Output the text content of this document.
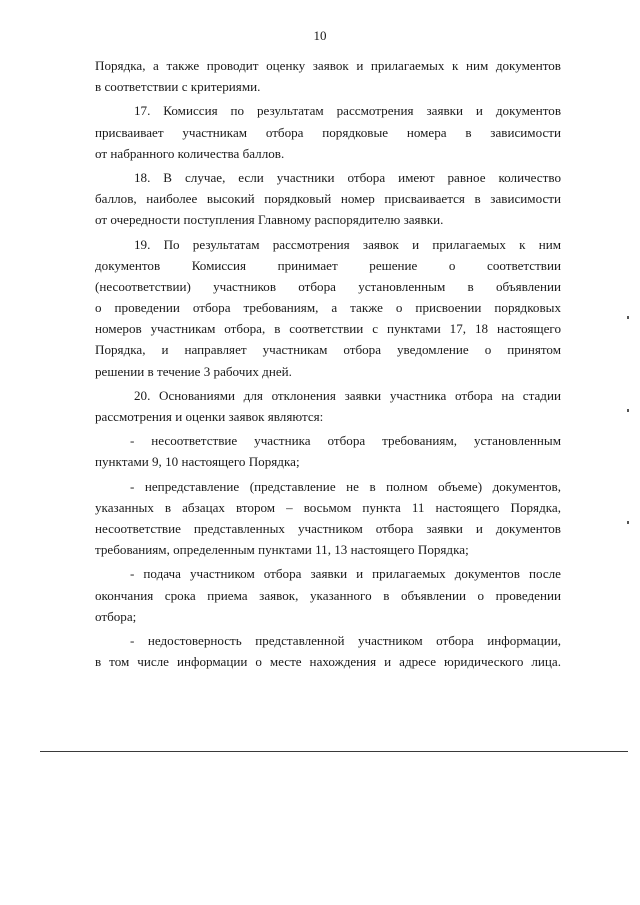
10
Порядка, а также проводит оценку заявок и прилагаемых к ним документов
в соответствии с критериями.
17. Комиссия по результатам рассмотрения заявки и документов
присваивает участникам отбора порядковые номера в зависимости
от набранного количества баллов.
18. В случае, если участники отбора имеют равное количество
баллов, наиболее высокий порядковый номер присваивается в зависимости
от очередности поступления Главному распорядителю заявки.
19. По результатам рассмотрения заявок и прилагаемых к ним
документов Комиссия принимает решение о соответствии
(несоответствии) участников отбора установленным в объявлении
о проведении отбора требованиям, а также о присвоении порядковых
номеров участникам отбора, в соответствии с пунктами 17, 18 настоящего
Порядка, и направляет участникам отбора уведомление о принятом
решении в течение 3 рабочих дней.
20. Основаниями для отклонения заявки участника отбора на стадии
рассмотрения и оценки заявок являются:
- несоответствие участника отбора требованиям, установленным
пунктами 9, 10 настоящего Порядка;
- непредставление (представление не в полном объеме) документов,
указанных в абзацах втором – восьмом пункта 11 настоящего Порядка,
несоответствие представленных участником отбора заявки и документов
требованиям, определенным пунктами 11, 13 настоящего Порядка;
- подача участником отбора заявки и прилагаемых документов после
окончания срока приема заявок, указанного в объявлении о проведении
отбора;
- недостоверность представленной участником отбора информации,
в том числе информации о месте нахождения и адресе юридического лица.
